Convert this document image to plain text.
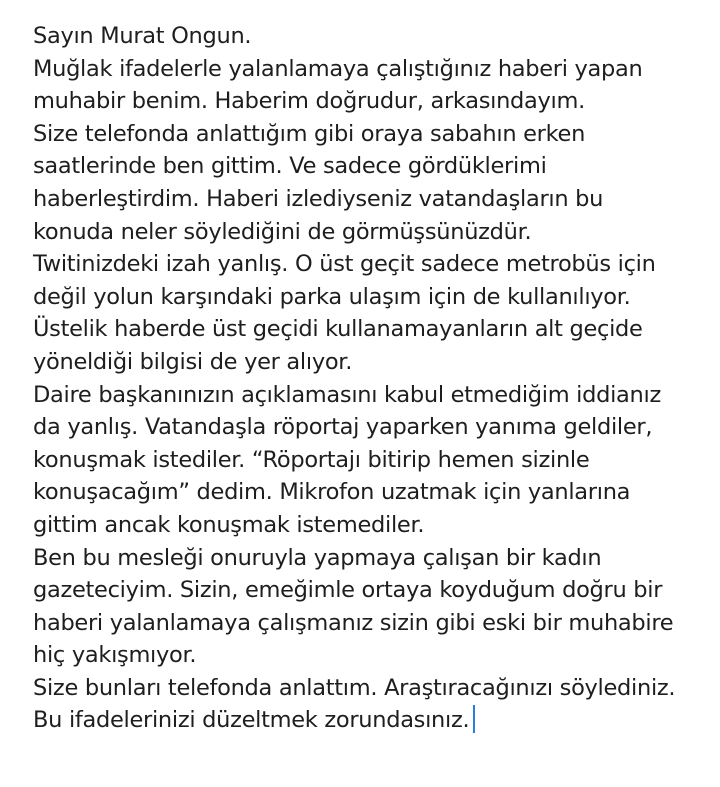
Sayın Murat Ongun.
Muğlak ifadelerle yalanlamaya çalıştığınız haberi yapan
muhabir benim. Haberim doğrudur, arkasındayım.
Size telefonda anlattığım gibi oraya sabahın erken
saatlerinde ben gittim. Ve sadece gördüklerimi
haberleştirdim. Haberi izlediyseniz vatandaşların bu
konuda neler söylediğini de görmüşsünüzdür.
Twitinizdeki izah yanlış. O üst geçit sadece metrobüs için
değil yolun karşındaki parka ulaşım için de kullanılıyor.
Üstelik haberde üst geçidi kullanamayanların alt geçide
yöneldiği bilgisi de yer alıyor.
Daire başkanınızın açıklamasını kabul etmediğim iddianız
da yanlış. Vatandaşla röportaj yaparken yanıma geldiler,
konuşmak istediler. “Röportajı bitirip hemen sizinle
konuşacağım” dedim. Mikrofon uzatmak için yanlarına
gittim ancak konuşmak istemediler.
Ben bu mesleği onuruyla yapmaya çalışan bir kadın
gazeteciyim. Sizin, emeğimle ortaya koyduğum doğru bir
haberi yalanlamaya çalışmanız sizin gibi eski bir muhabire
hiç yakışmıyor.
Size bunları telefonda anlattım. Araştıracağınızı söylediniz.
Bu ifadelerinizi düzeltmek zorundasınız.
